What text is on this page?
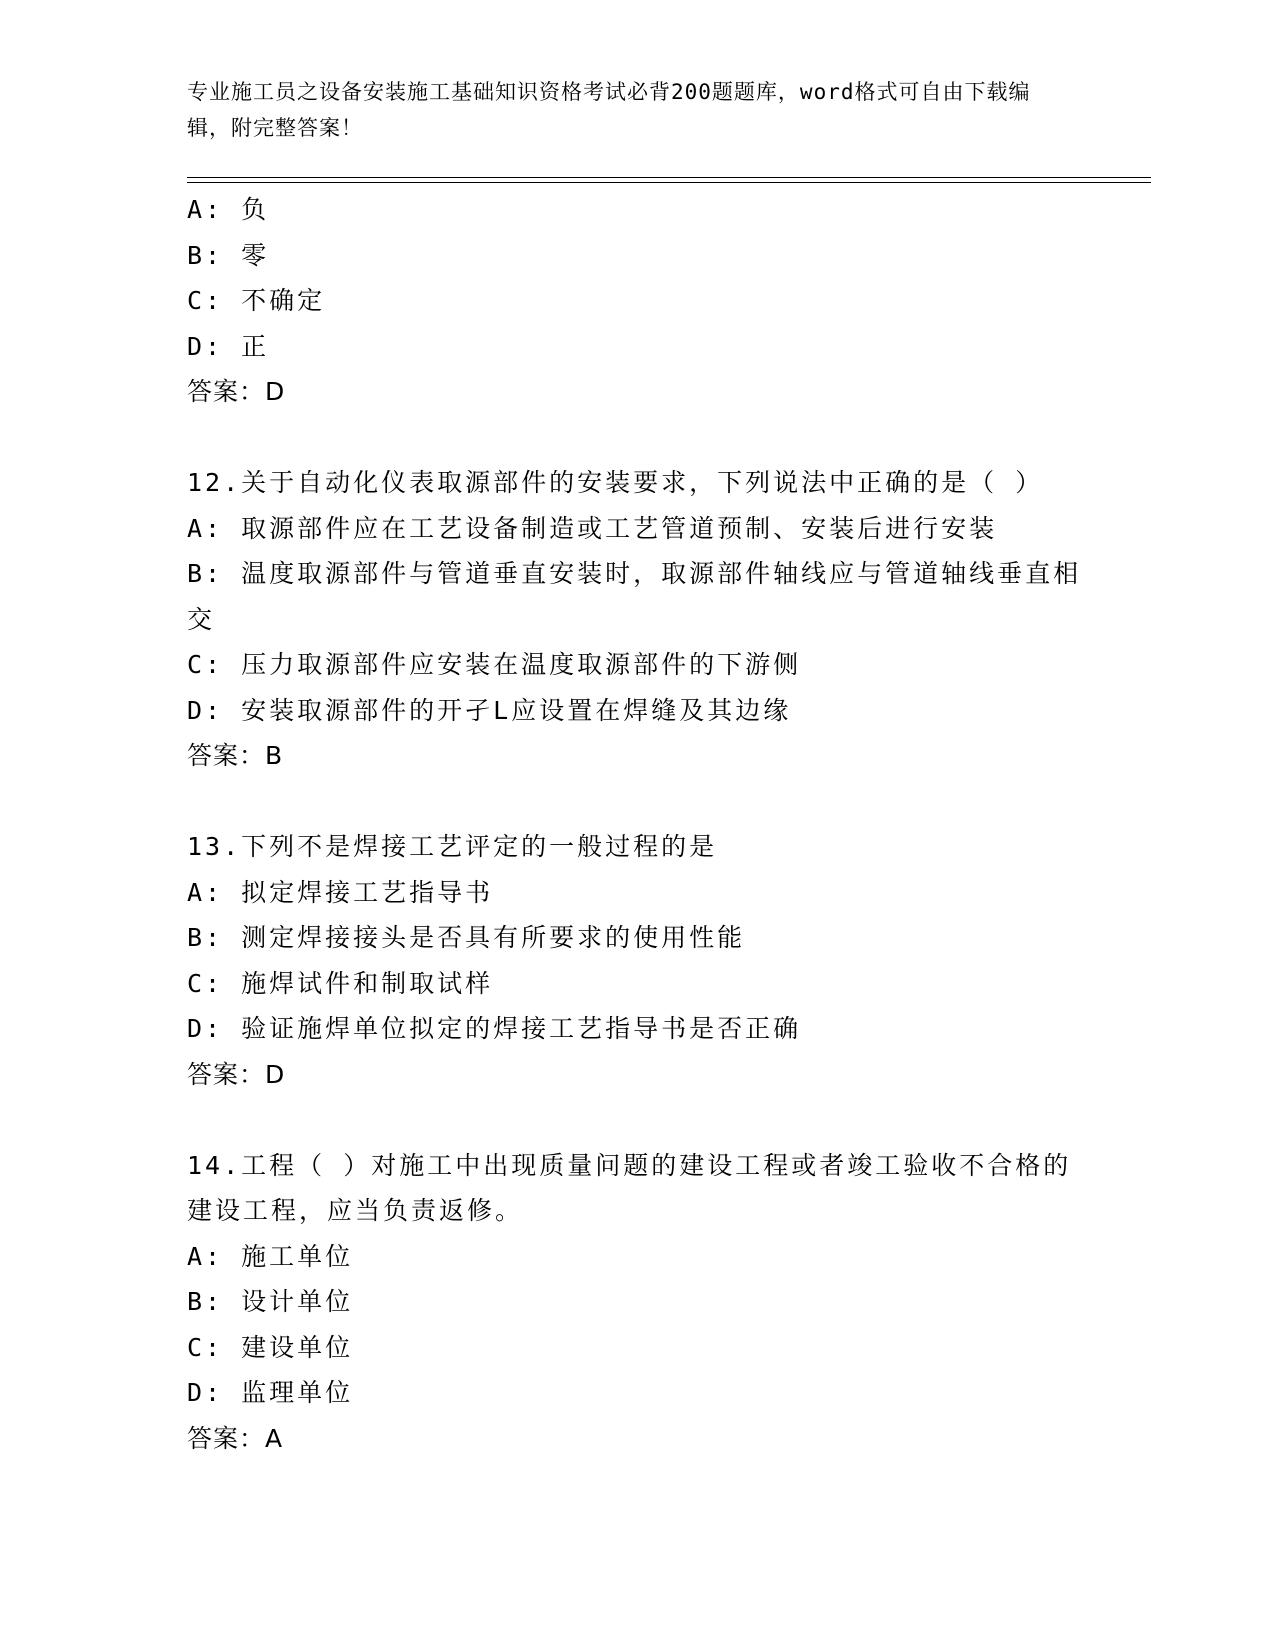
专业施工员之设备安装施工基础知识资格考试必背200题题库，word格式可自由下载编辑，附完整答案！
A: 负
B: 零
C: 不确定
D: 正
答案：D
12.关于自动化仪表取源部件的安装要求，下列说法中正确的是（ ）
A: 取源部件应在工艺设备制造或工艺管道预制、安装后进行安装
B: 温度取源部件与管道垂直安装时，取源部件轴线应与管道轴线垂直相交
C: 压力取源部件应安装在温度取源部件的下游侧
D: 安装取源部件的开孑L应设置在焊缝及其边缘
答案：B
13.下列不是焊接工艺评定的一般过程的是
A: 拟定焊接工艺指导书
B: 测定焊接接头是否具有所要求的使用性能
C: 施焊试件和制取试样
D: 验证施焊单位拟定的焊接工艺指导书是否正确
答案：D
14.工程（ ）对施工中出现质量问题的建设工程或者竣工验收不合格的建设工程，应当负责返修。
A: 施工单位
B: 设计单位
C: 建设单位
D: 监理单位
答案：A
